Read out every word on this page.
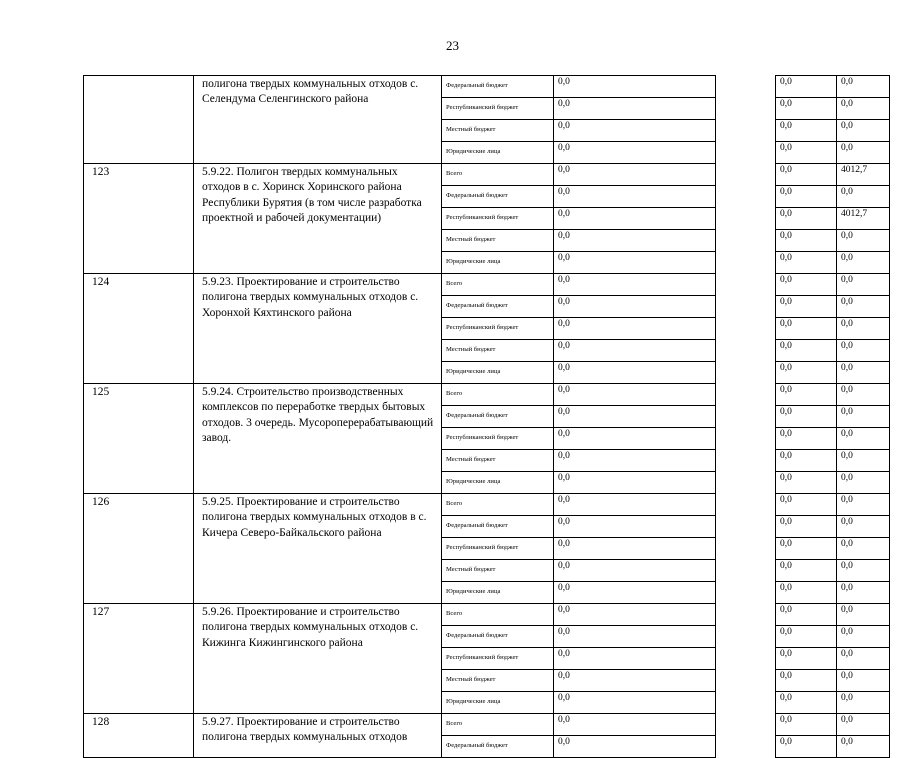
23
	полигона твердых коммунальных отходов с. Селендума Селенгинского района	Федеральный бюджет	0,0		0,0	0,0
		Республиканский бюджет	0,0		0,0	0,0
		Местный бюджет	0,0		0,0	0,0
		Юридические лица	0,0		0,0	0,0
123	5.9.22. Полигон твердых коммунальных отходов в с. Хоринск Хоринского района Республики Бурятия (в том числе разработка проектной и рабочей документации)	Всего	0,0		0,0	4012,7
		Федеральный бюджет	0,0		0,0	0,0
		Республиканский бюджет	0,0		0,0	4012,7
		Местный бюджет	0,0		0,0	0,0
		Юридические лица	0,0		0,0	0,0
124	5.9.23. Проектирование и строительство полигона твердых коммунальных отходов с. Хоронхой Кяхтинского района	Всего	0,0		0,0	0,0
		Федеральный бюджет	0,0		0,0	0,0
		Республиканский бюджет	0,0		0,0	0,0
		Местный бюджет	0,0		0,0	0,0
		Юридические лица	0,0		0,0	0,0
125	5.9.24. Строительство производственных комплексов по переработке твердых бытовых отходов. 3 очередь. Мусороперерабатывающий завод.	Всего	0,0		0,0	0,0
		Федеральный бюджет	0,0		0,0	0,0
		Республиканский бюджет	0,0		0,0	0,0
		Местный бюджет	0,0		0,0	0,0
		Юридические лица	0,0		0,0	0,0
126	5.9.25. Проектирование и строительство полигона твердых коммунальных отходов в с. Кичера Северо-Байкальского района	Всего	0,0		0,0	0,0
		Федеральный бюджет	0,0		0,0	0,0
		Республиканский бюджет	0,0		0,0	0,0
		Местный бюджет	0,0		0,0	0,0
		Юридические лица	0,0		0,0	0,0
127	5.9.26. Проектирование и строительство полигона твердых коммунальных отходов с. Кижинга Кижингинского района	Всего	0,0		0,0	0,0
		Федеральный бюджет	0,0		0,0	0,0
		Республиканский бюджет	0,0		0,0	0,0
		Местный бюджет	0,0		0,0	0,0
		Юридические лица	0,0		0,0	0,0
128	5.9.27. Проектирование и строительство полигона твердых коммунальных отходов	Всего	0,0		0,0	0,0
		Федеральный бюджет	0,0		0,0	0,0
